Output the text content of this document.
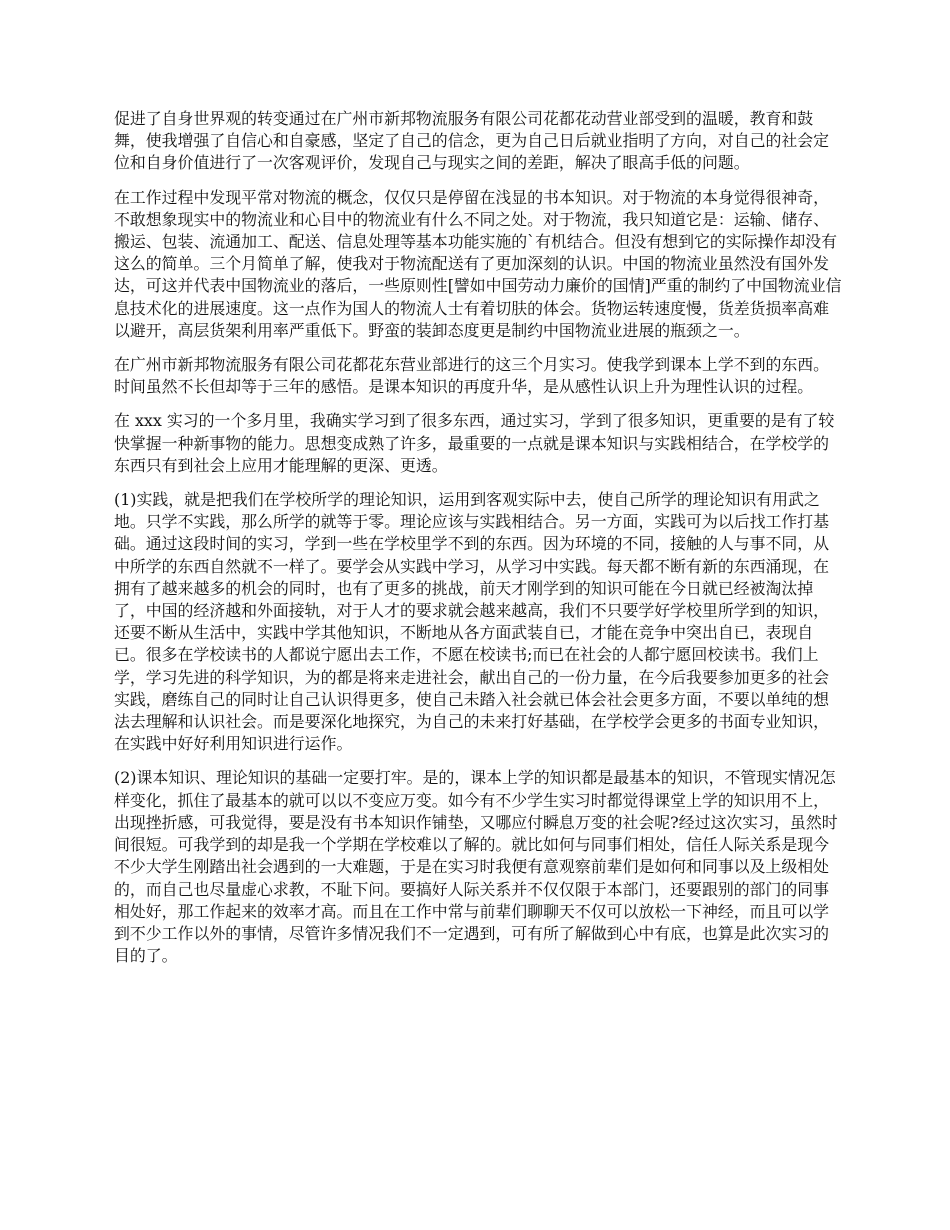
促进了自身世界观的转变通过在广州市新邦物流服务有限公司花都花动营业部受到的温暖，教育和鼓舞，使我增强了自信心和自豪感，坚定了自己的信念，更为自己日后就业指明了方向，对自己的社会定位和自身价值进行了一次客观评价，发现自己与现实之间的差距，解决了眼高手低的问题。

在工作过程中发现平常对物流的概念，仅仅只是停留在浅显的书本知识。对于物流的本身觉得很神奇，不敢想象现实中的物流业和心目中的物流业有什么不同之处。对于物流，我只知道它是：运输、储存、搬运、包装、流通加工、配送、信息处理等基本功能实施的`有机结合。但没有想到它的实际操作却没有这么的简单。三个月简单了解，使我对于物流配送有了更加深刻的认识。中国的物流业虽然没有国外发达，可这并代表中国物流业的落后，一些原则性[譬如中国劳动力廉价的国情]严重的制约了中国物流业信息技术化的进展速度。这一点作为国人的物流人士有着切肤的体会。货物运转速度慢，货差货损率高难以避开，高层货架利用率严重低下。野蛮的装卸态度更是制约中国物流业进展的瓶颈之一。

在广州市新邦物流服务有限公司花都花东营业部进行的这三个月实习。使我学到课本上学不到的东西。时间虽然不长但却等于三年的感悟。是课本知识的再度升华，是从感性认识上升为理性认识的过程。

在 xxx 实习的一个多月里，我确实学习到了很多东西，通过实习，学到了很多知识，更重要的是有了较快掌握一种新事物的能力。思想变成熟了许多，最重要的一点就是课本知识与实践相结合，在学校学的东西只有到社会上应用才能理解的更深、更透。

(1)实践，就是把我们在学校所学的理论知识，运用到客观实际中去，使自己所学的理论知识有用武之地。只学不实践，那么所学的就等于零。理论应该与实践相结合。另一方面，实践可为以后找工作打基础。通过这段时间的实习，学到一些在学校里学不到的东西。因为环境的不同，接触的人与事不同，从中所学的东西自然就不一样了。要学会从实践中学习，从学习中实践。每天都不断有新的东西涌现，在拥有了越来越多的机会的同时，也有了更多的挑战，前天才刚学到的知识可能在今日就已经被淘汰掉了，中国的经济越和外面接轨，对于人才的要求就会越来越高，我们不只要学好学校里所学到的知识，还要不断从生活中，实践中学其他知识，不断地从各方面武装自已，才能在竞争中突出自已，表现自已。很多在学校读书的人都说宁愿出去工作，不愿在校读书;而已在社会的人都宁愿回校读书。我们上学，学习先进的科学知识，为的都是将来走进社会，献出自己的一份力量，在今后我要参加更多的社会实践，磨练自己的同时让自己认识得更多，使自己未踏入社会就已体会社会更多方面，不要以单纯的想法去理解和认识社会。而是要深化地探究，为自己的未来打好基础，在学校学会更多的书面专业知识，在实践中好好利用知识进行运作。

(2)课本知识、理论知识的基础一定要打牢。是的，课本上学的知识都是最基本的知识，不管现实情况怎样变化，抓住了最基本的就可以以不变应万变。如今有不少学生实习时都觉得课堂上学的知识用不上，出现挫折感，可我觉得，要是没有书本知识作铺垫，又哪应付瞬息万变的社会呢?经过这次实习，虽然时间很短。可我学到的却是我一个学期在学校难以了解的。就比如何与同事们相处，信任人际关系是现今不少大学生刚踏出社会遇到的一大难题，于是在实习时我便有意观察前辈们是如何和同事以及上级相处的，而自己也尽量虚心求教，不耻下问。要搞好人际关系并不仅仅限于本部门，还要跟别的部门的同事相处好，那工作起来的效率才高。而且在工作中常与前辈们聊聊天不仅可以放松一下神经，而且可以学到不少工作以外的事情，尽管许多情况我们不一定遇到，可有所了解做到心中有底，也算是此次实习的目的了。
